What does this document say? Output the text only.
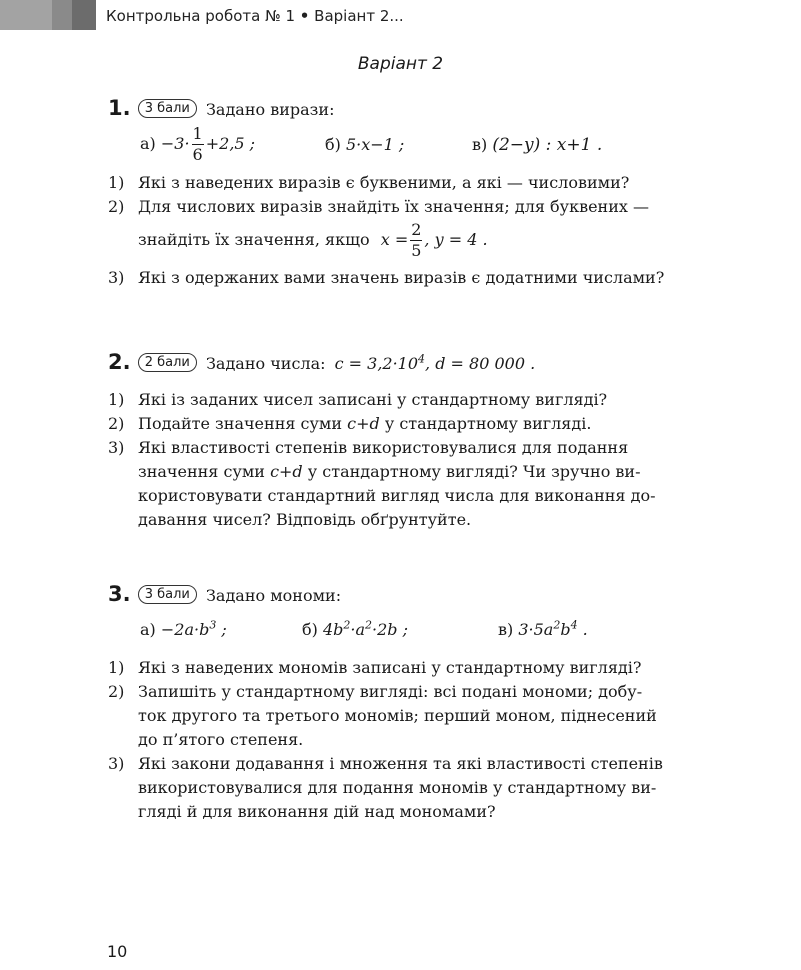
Контрольна робота № 1 • Варіант 2...
Варіант 2
1. 3 бали Задано вирази:
$а) -3\cdot \frac{1}{6} +2,5$ ;	б) 5·x−1 ;	в) (2−y) : x+1 .
1) Які з наведених виразів є буквеними, а які — числовими?
2) Для числових виразів знайдіть їх значення; для буквених —
знайдіть їх значення, якщо $x = \frac{2}{5}$ , y = 4 .
3) Які з одержаних вами значень виразів є додатними числами?
2. 2 бали Задано числа: $c = 3,2\cdot 10^4$, d = 80 000 .
1) Які із заданих чисел записані у стандартному вигляді?
2) Подайте значення суми c+d у стандартному вигляді.
3) Які властивості степенів використовувалися для подання
значення суми c+d у стандартному вигляді? Чи зручно ви-
користовувати стандартний вигляд числа для виконання до-
давання чисел? Відповідь обґрунтуйте.
3. 3 бали Задано мономи:
$а) -2a\cdot b^3$ ;	б) $4b^2\cdot a^2\cdot 2b$ ;	в) $3\cdot 5a^2b^4$ .
1) Які з наведених мономів записані у стандартному вигляді?
2) Запишіть у стандартному вигляді: всі подані мономи; добу-
ток другого та третього мономів; перший моном, піднесений
до п’ятого степеня.
3) Які закони додавання і множення та які властивості степенів
використовувалися для подання мономів у стандартному ви-
гляді й для виконання дій над мономами?
10
